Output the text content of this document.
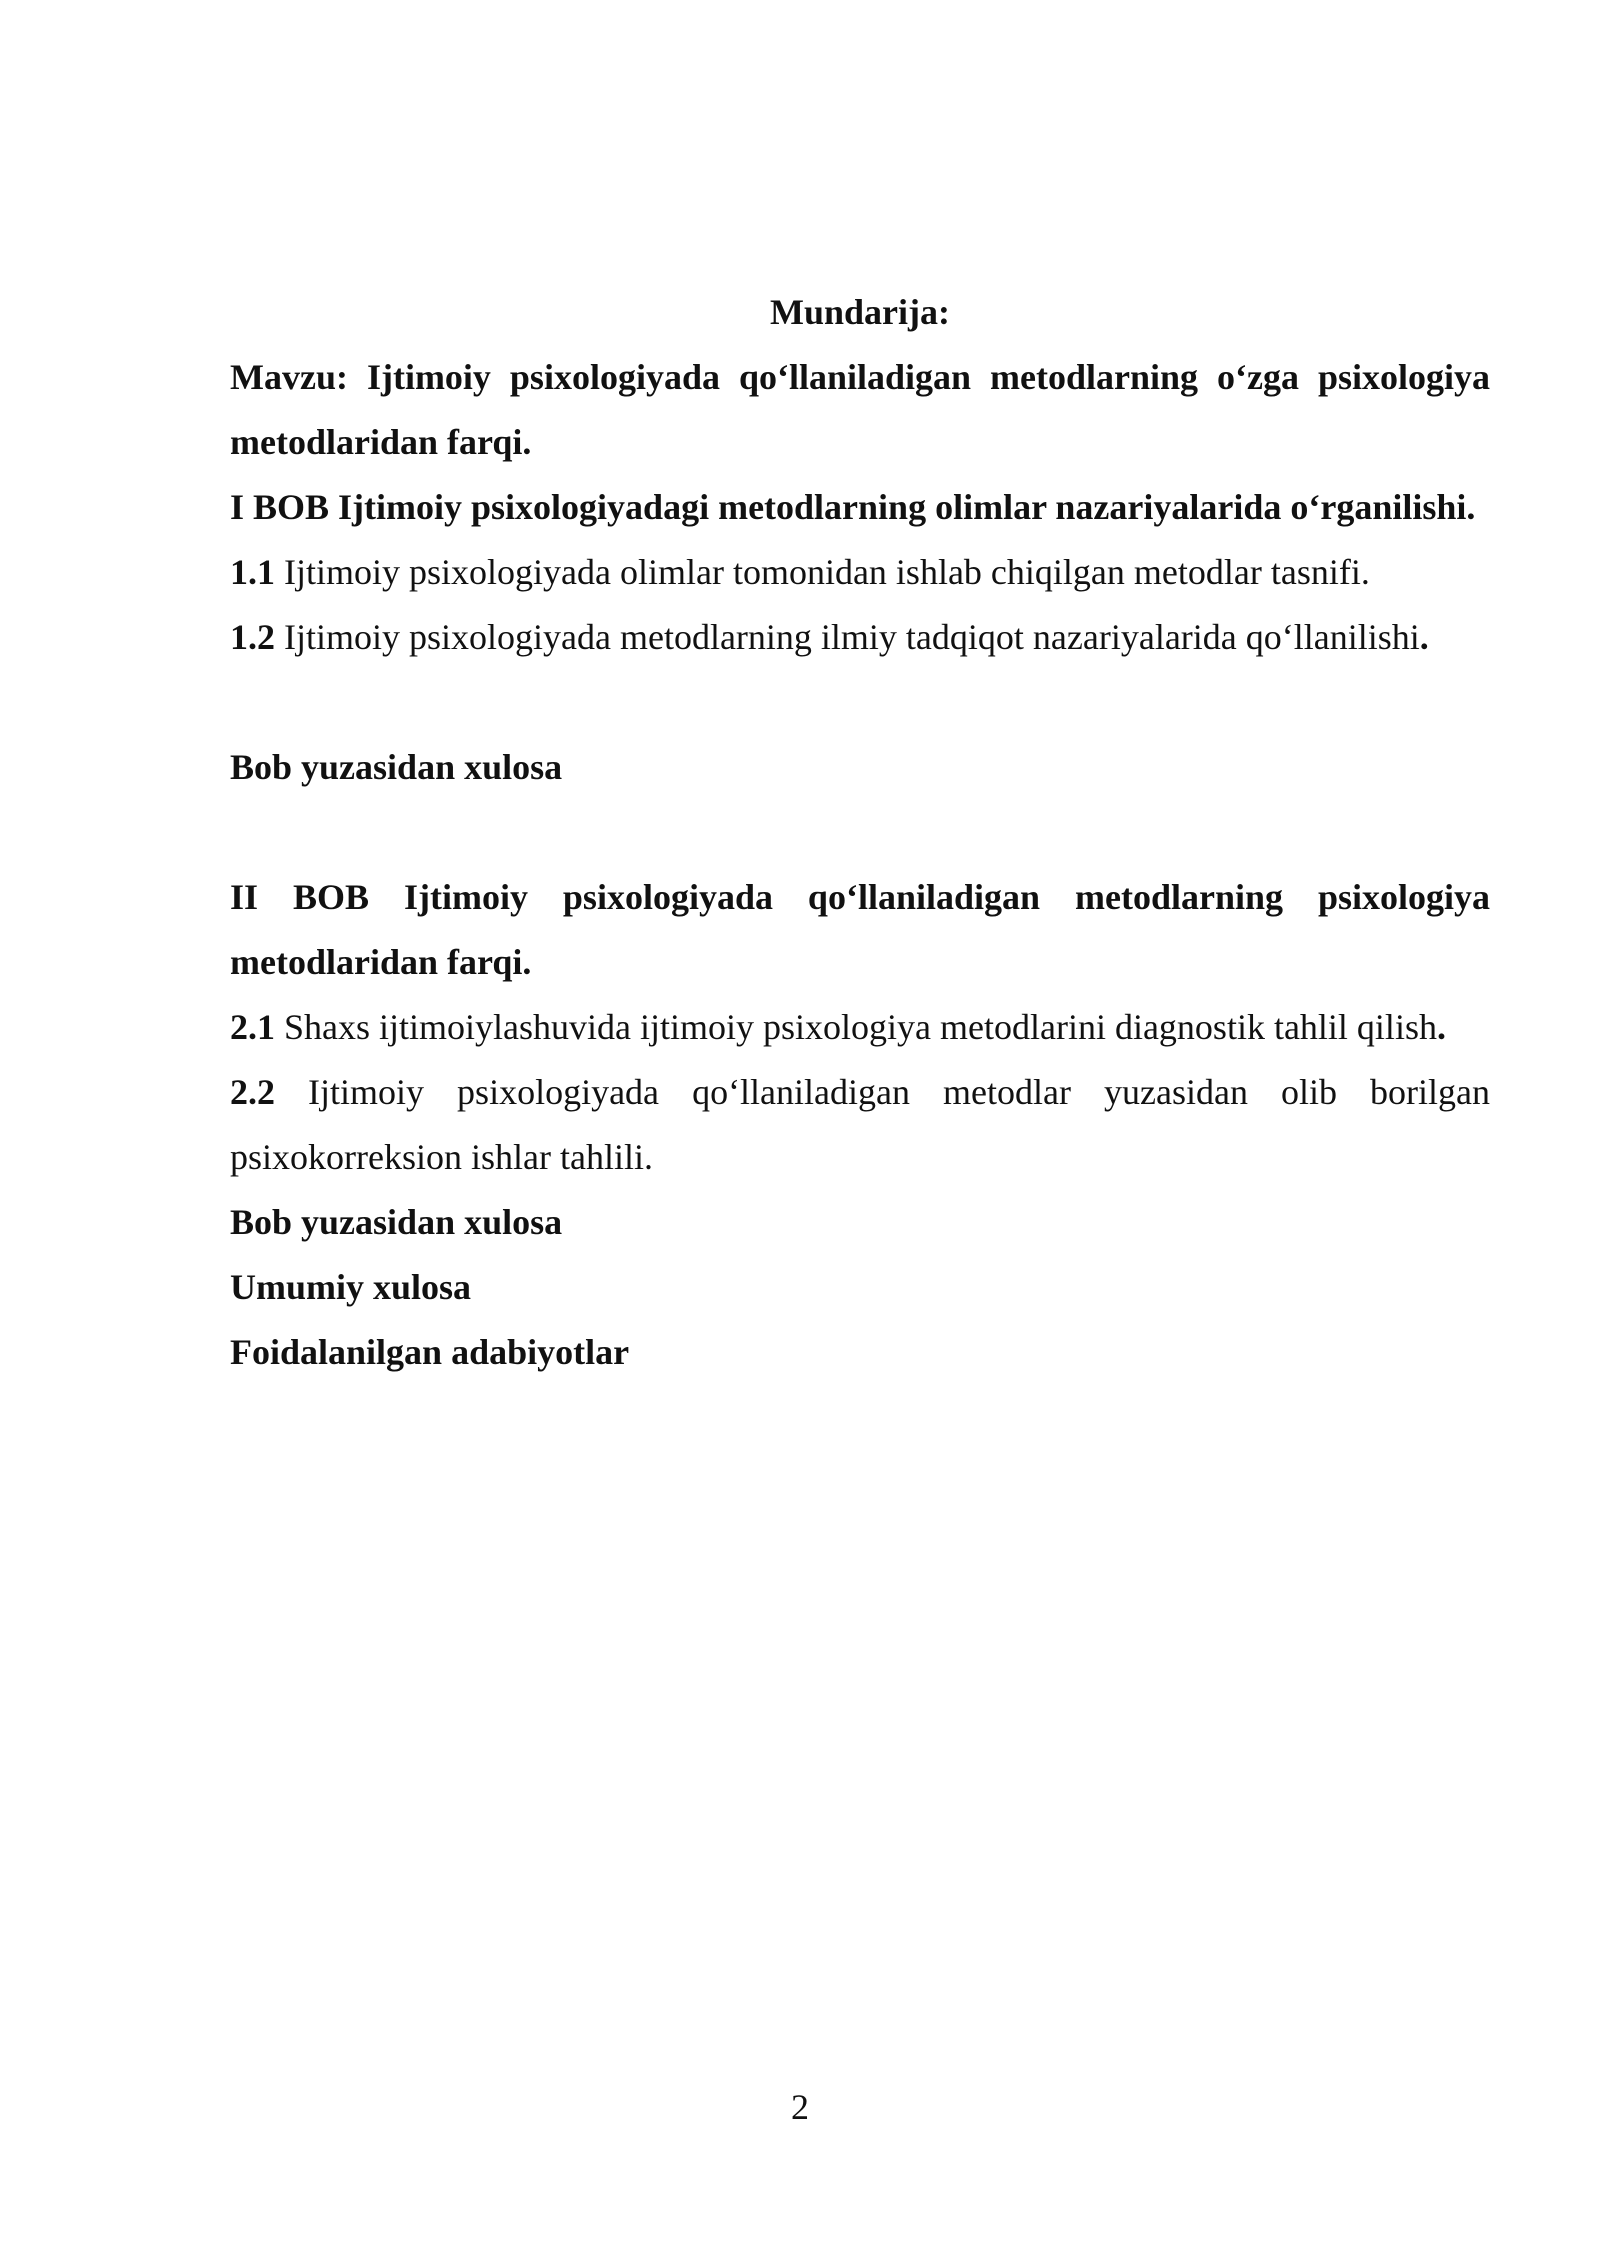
Mundarija:

Mavzu: Ijtimoiy psixologiyada qo‘llaniladigan metodlarning o‘zga psixologiya metodlaridan farqi.

I BOB Ijtimoiy psixologiyadagi metodlarning olimlar nazariyalarida o‘rganilishi.

1.1 Ijtimoiy psixologiyada olimlar tomonidan ishlab chiqilgan metodlar tasnifi.

1.2 Ijtimoiy psixologiyada metodlarning ilmiy tadqiqot nazariyalarida qo‘llanilishi.

Bob yuzasidan xulosa

II BOB Ijtimoiy psixologiyada qo‘llaniladigan metodlarning psixologiya metodlaridan farqi.

2.1 Shaxs ijtimoiylashuvida ijtimoiy psixologiya metodlarini diagnostik tahlil qilish.

2.2 Ijtimoiy psixologiyada qo‘llaniladigan metodlar yuzasidan olib borilgan psixokorreksion ishlar tahlili.

Bob yuzasidan xulosa

Umumiy xulosa

Foidalanilgan adabiyotlar

2
